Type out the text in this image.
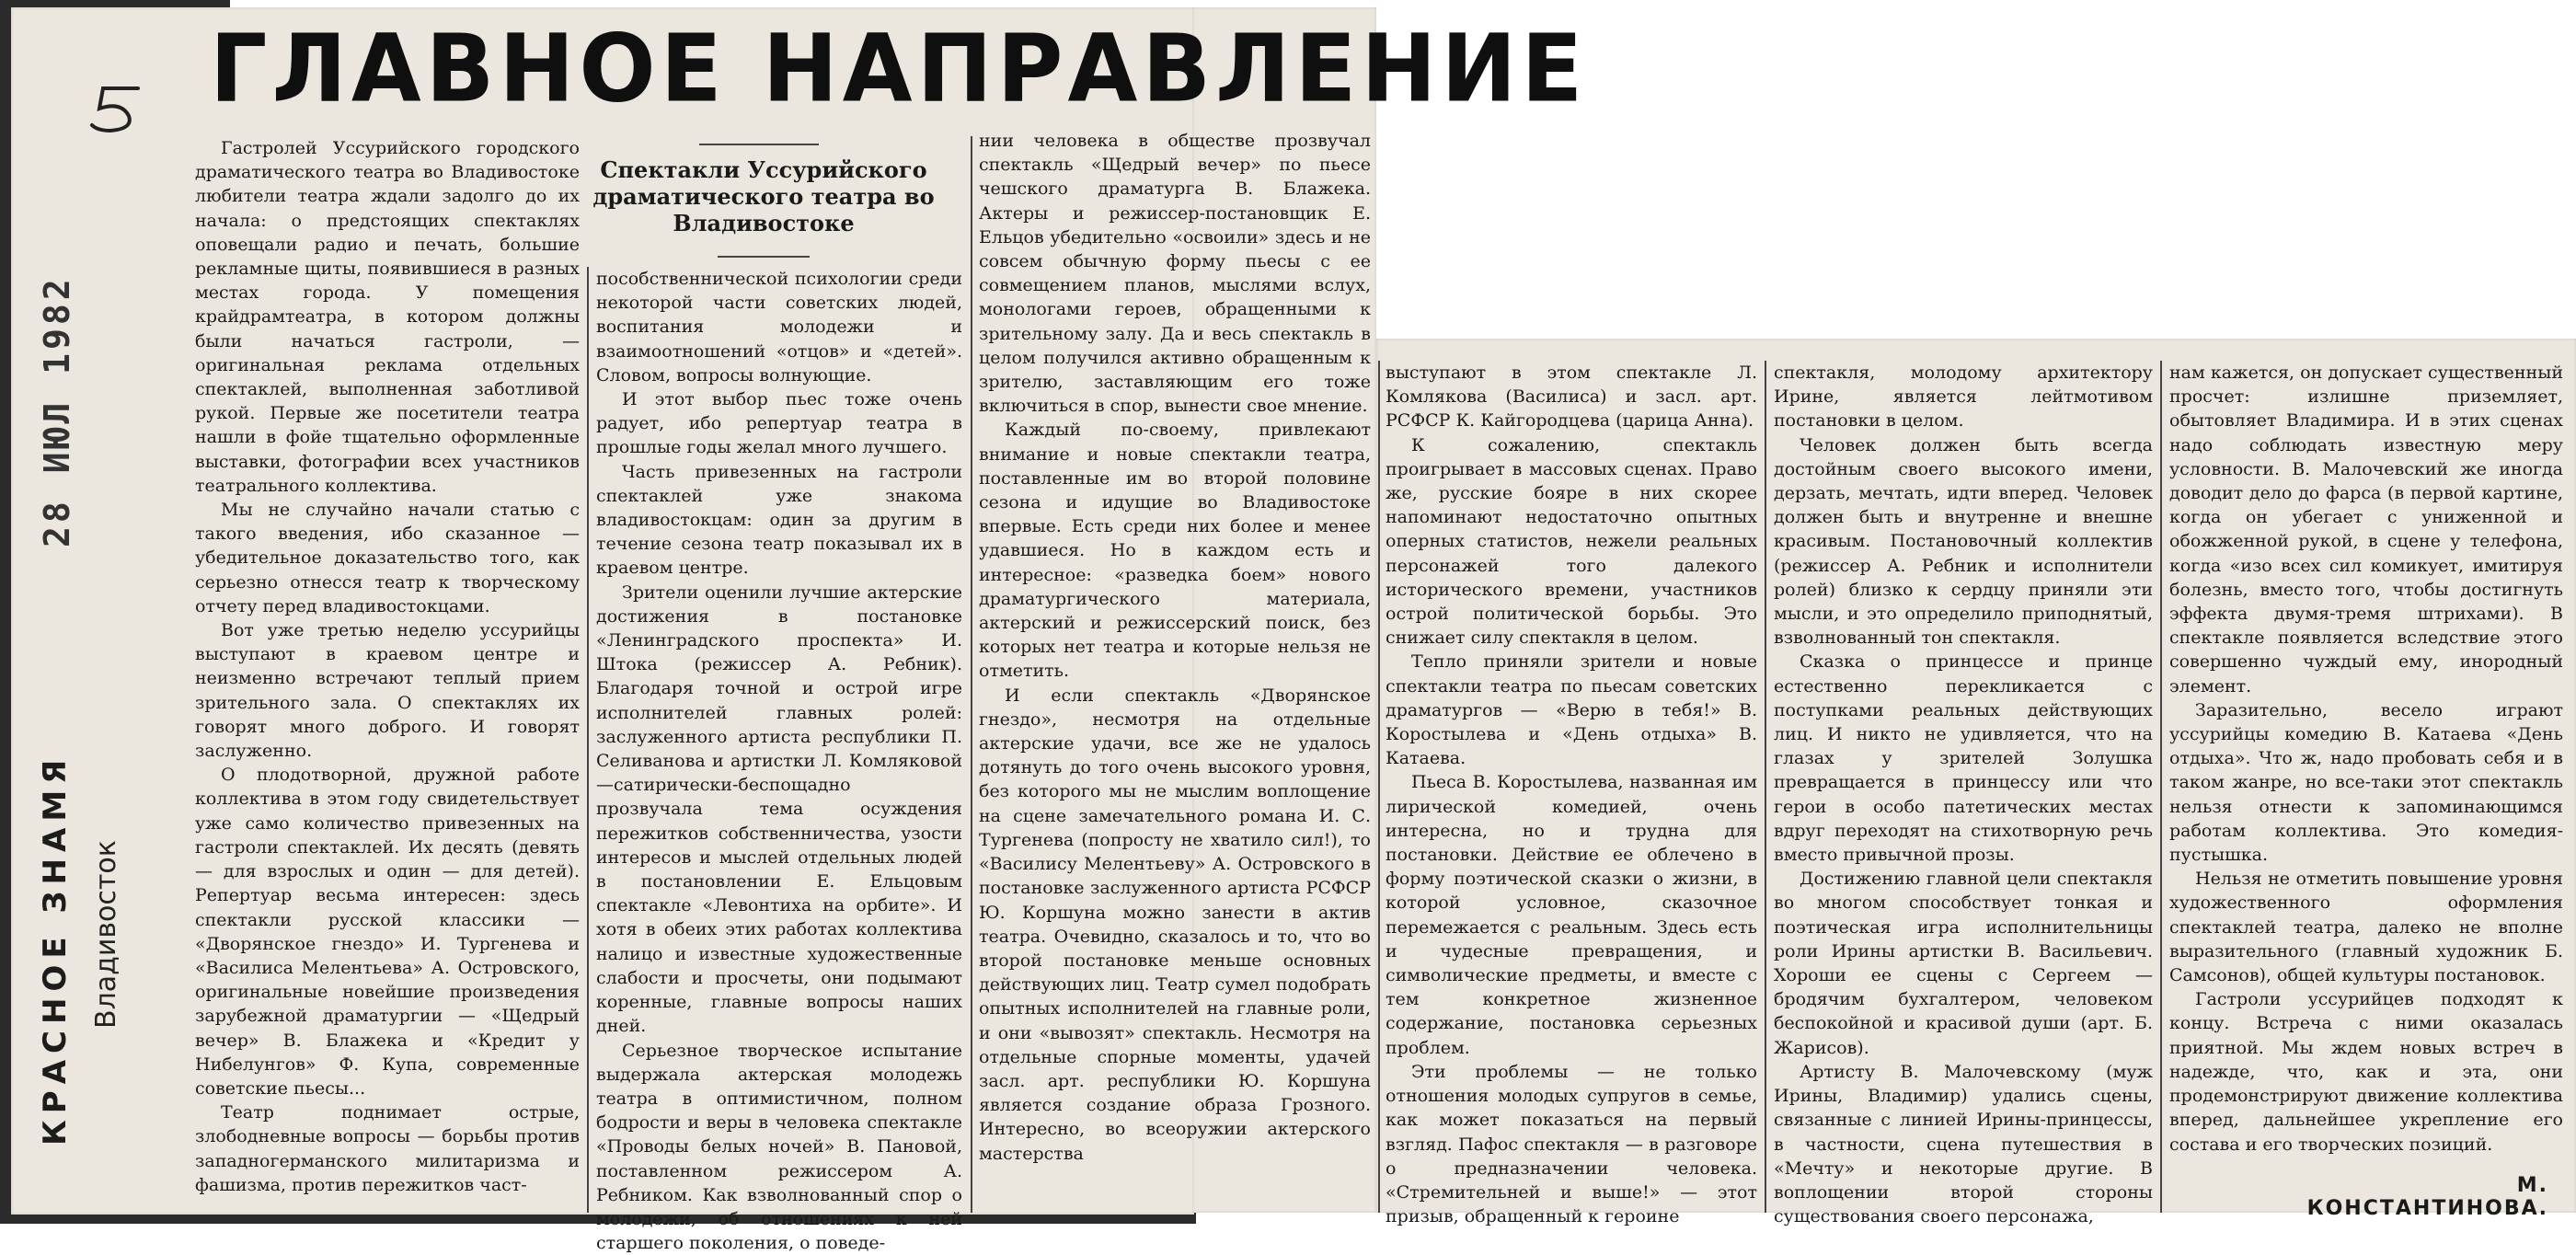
ГЛАВНОЕ НАПРАВЛЕНИЕ
КРАСНОЕ ЗНАМЯ
28 ИЮЛ 1982
Владивосток
Спектакли Уссурийского драматического театра во Владивостоке

Гастролей Уссурийского городского драматического театра во Владивостоке любители театра ждали задолго до их начала: о предстоящих спектаклях оповещали радио и печать, большие рекламные щиты, появившиеся в разных местах города. У помещения крайдрамтеатра, в котором должны были начаться гастроли, — оригинальная реклама отдельных спектаклей, выполненная заботливой рукой. Первые же посетители театра нашли в фойе тщательно оформленные выставки, фотографии всех участников театрального коллектива.

Мы не случайно начали статью с такого введения, ибо сказанное — убедительное доказательство того, как серьезно отнесся театр к творческому отчету перед владивостокцами.

Вот уже третью неделю уссурийцы выступают в краевом центре и неизменно встречают теплый прием зрительного зала. О спектаклях их говорят много доброго. И говорят заслуженно.

О плодотворной, дружной работе коллектива в этом году свидетельствует уже само количество привезенных на гастроли спектаклей. Их десять (девять — для взрослых и один — для детей). Репертуар весьма интересен: здесь спектакли русской классики — «Дворянское гнездо» И. Тургенева и «Василиса Мелентьева» А. Островского, оригинальные новейшие произведения зарубежной драматургии — «Щедрый вечер» В. Блажека и «Кредит у Нибелунгов» Ф. Купа, современные советские пьесы...

Театр поднимает острые, злободневные вопросы — борьбы против западногерманского милитаризма и фашизма, против пережитков част-

пособственнической психологии среди некоторой части советских людей, воспитания молодежи и взаимоотношений «отцов» и «детей». Словом, вопросы волнующие.

И этот выбор пьес тоже очень радует, ибо репертуар театра в прошлые годы желал много лучшего.

Часть привезенных на гастроли спектаклей уже знакома владивостокцам: один за другим в течение сезона театр показывал их в краевом центре.

Зрители оценили лучшие актерские достижения в постановке «Ленинградского проспекта» И. Штока (режиссер А. Ребник). Благодаря точной и острой игре исполнителей главных ролей: заслуженного артиста республики П. Селиванова и артистки Л. Комляковой—сатирически-беспощадно прозвучала тема осуждения пережитков собственничества, узости интересов и мыслей отдельных людей в постановлении Е. Ельцовым спектакле «Левонтиха на орбите». И хотя в обеих этих работах коллектива налицо и известные художественные слабости и просчеты, они подымают коренные, главные вопросы наших дней.

Серьезное творческое испытание выдержала актерская молодежь театра в оптимистичном, полном бодрости и веры в человека спектакле «Проводы белых ночей» В. Пановой, поставленном режиссером А. Ребником. Как взволнованный спор о молодежи, об отношениях к ней старшего поколения, о поведе-

нии человека в обществе прозвучал спектакль «Щедрый вечер» по пьесе чешского драматурга В. Блажека. Актеры и режиссер-постановщик Е. Ельцов убедительно «освоили» здесь и не совсем обычную форму пьесы с ее совмещением планов, мыслями вслух, монологами героев, обращенными к зрительному залу. Да и весь спектакль в целом получился активно обращенным к зрителю, заставляющим его тоже включиться в спор, вынести свое мнение.

Каждый по-своему, привлекают внимание и новые спектакли театра, поставленные им во второй половине сезона и идущие во Владивостоке впервые. Есть среди них более и менее удавшиеся. Но в каждом есть и интересное: «разведка боем» нового драматургического материала, актерский и режиссерский поиск, без которых нет театра и которые нельзя не отметить.

И если спектакль «Дворянское гнездо», несмотря на отдельные актерские удачи, все же не удалось дотянуть до того очень высокого уровня, без которого мы не мыслим воплощение на сцене замечательного романа И. С. Тургенева (попросту не хватило сил!), то «Василису Мелентьеву» А. Островского в постановке заслуженного артиста РСФСР Ю. Коршуна можно занести в актив театра. Очевидно, сказалось и то, что во второй постановке меньше основных действующих лиц. Театр сумел подобрать опытных исполнителей на главные роли, и они «вывозят» спектакль. Несмотря на отдельные спорные моменты, удачей засл. арт. республики Ю. Коршуна является создание образа Грозного. Интересно, во всеоружии актерского мастерства

выступают в этом спектакле Л. Комлякова (Василиса) и засл. арт. РСФСР К. Кайгородцева (царица Анна).

К сожалению, спектакль проигрывает в массовых сценах. Право же, русские бояре в них скорее напоминают недостаточно опытных оперных статистов, нежели реальных персонажей того далекого исторического времени, участников острой политической борьбы. Это снижает силу спектакля в целом.

Тепло приняли зрители и новые спектакли театра по пьесам советских драматургов — «Верю в тебя!» В. Коростылева и «День отдыха» В. Катаева.

Пьеса В. Коростылева, названная им лирической комедией, очень интересна, но и трудна для постановки. Действие ее облечено в форму поэтической сказки о жизни, в которой условное, сказочное перемежается с реальным. Здесь есть и чудесные превращения, и символические предметы, и вместе с тем конкретное жизненное содержание, постановка серьезных проблем.

Эти проблемы — не только отношения молодых супругов в семье, как может показаться на первый взгляд. Пафос спектакля — в разговоре о предназначении человека. «Стремительней и выше!» — этот призыв, обращенный к героине

спектакля, молодому архитектору Ирине, является лейтмотивом постановки в целом.

Человек должен быть всегда достойным своего высокого имени, дерзать, мечтать, идти вперед. Человек должен быть и внутренне и внешне красивым. Постановочный коллектив (режиссер А. Ребник и исполнители ролей) близко к сердцу приняли эти мысли, и это определило приподнятый, взволнованный тон спектакля.

Сказка о принцессе и принце естественно перекликается с поступками реальных действующих лиц. И никто не удивляется, что на глазах у зрителей Золушка превращается в принцессу или что герои в особо патетических местах вдруг переходят на стихотворную речь вместо привычной прозы.

Достижению главной цели спектакля во многом способствует тонкая и поэтическая игра исполнительницы роли Ирины артистки В. Васильевич. Хороши ее сцены с Сергеем — бродячим бухгалтером, человеком беспокойной и красивой души (арт. Б. Жарисов).

Артисту В. Малочевскому (муж Ирины, Владимир) удались сцены, связанные с линией Ирины-принцессы, в частности, сцена путешествия в «Мечту» и некоторые другие. В воплощении второй стороны существования своего персонажа,

нам кажется, он допускает существенный просчет: излишне приземляет, обытовляет Владимира. И в этих сценах надо соблюдать известную меру условности. В. Малочевский же иногда доводит дело до фарса (в первой картине, когда он убегает с униженной и обожженной рукой, в сцене у телефона, когда «изо всех сил комикует, имитируя болезнь, вместо того, чтобы достигнуть эффекта двумя-тремя штрихами). В спектакле появляется вследствие этого совершенно чуждый ему, инородный элемент.

Заразительно, весело играют уссурийцы комедию В. Катаева «День отдыха». Что ж, надо пробовать себя и в таком жанре, но все-таки этот спектакль нельзя отнести к запоминающимся работам коллектива. Это комедия-пустышка.

Нельзя не отметить повышение уровня художественного оформления спектаклей театра, далеко не вполне выразительного (главный художник Б. Самсонов), общей культуры постановок.

Гастроли уссурийцев подходят к концу. Встреча с ними оказалась приятной. Мы ждем новых встреч в надежде, что, как и эта, они продемонстрируют движение коллектива вперед, дальнейшее укрепление его состава и его творческих позиций.

М. КОНСТАНТИНОВА.
